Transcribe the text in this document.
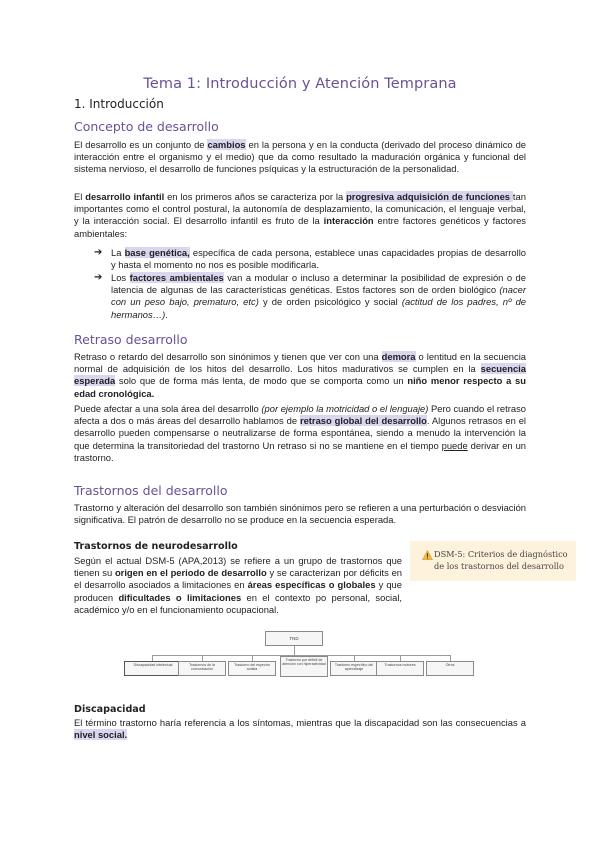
Tema 1: Introducción y Atención Temprana
1. Introducción
Concepto de desarrollo
El desarrollo es un conjunto de cambios en la persona y en la conducta (derivado del proceso dinámico de interacción entre el organismo y el medio) que da como resultado la maduración orgánica y funcional del sistema nervioso, el desarrollo de funciones psíquicas y la estructuración de la personalidad.
El desarrollo infantil en los primeros años se caracteriza por la progresiva adquisición de funciones tan importantes como el control postural, la autonomía de desplazamiento, la comunicación, el lenguaje verbal, y la interacción social. El desarrollo infantil es fruto de la interacción entre factores genéticos y factores ambientales:
➔ La base genética, específica de cada persona, establece unas capacidades propias de desarrollo y hasta el momento no nos es posible modificarla.
➔ Los factores ambientales van a modular o incluso a determinar la posibilidad de expresión o de latencia de algunas de las características genéticas. Estos factores son de orden biológico (nacer con un peso bajo, prematuro, etc) y de orden psicológico y social (actitud de los padres, nº de hermanos…).
Retraso desarrollo
Retraso o retardo del desarrollo son sinónimos y tienen que ver con una demora o lentitud en la secuencia normal de adquisición de los hitos del desarrollo. Los hitos madurativos se cumplen en la secuencia esperada solo que de forma más lenta, de modo que se comporta como un niño menor respecto a su edad cronológica.
Puede afectar a una sola área del desarrollo (por ejemplo la motricidad o el lenguaje) Pero cuando el retraso afecta a dos o más áreas del desarrollo hablamos de retraso global del desarrollo. Algunos retrasos en el desarrollo pueden compensarse o neutralizarse de forma espontánea, siendo a menudo la intervención la que determina la transitoriedad del trastorno Un retraso si no se mantiene en el tiempo puede derivar en un trastorno.
Trastornos del desarrollo
Trastorno y alteración del desarrollo son también sinónimos pero se refieren a una perturbación o desviación significativa. El patrón de desarrollo no se produce en la secuencia esperada.
Trastornos de neurodesarrollo
Según el actual DSM-5 (APA,2013) se refiere a un grupo de trastornos que tienen su origen en el periodo de desarrollo y se caracterizan por déficits en el desarrollo asociados a limitaciones en áreas específicas o globales y que producen dificultades o limitaciones en el contexto po personal, social, académico y/o en el funcionamiento ocupacional.
DSM-5: Criterios de diagnóstico de los trastornos del desarrollo
TND
Discapacidad intelectual	Trastornos de la comunicación
Trastorno del espectro autista
Trastorno por déficit de atención con hiperactividad	Trastorno específico del aprendizaje
Trastornos motores	Otros
Discapacidad
El término trastorno haría referencia a los síntomas, mientras que la discapacidad son las consecuencias a nivel social.
